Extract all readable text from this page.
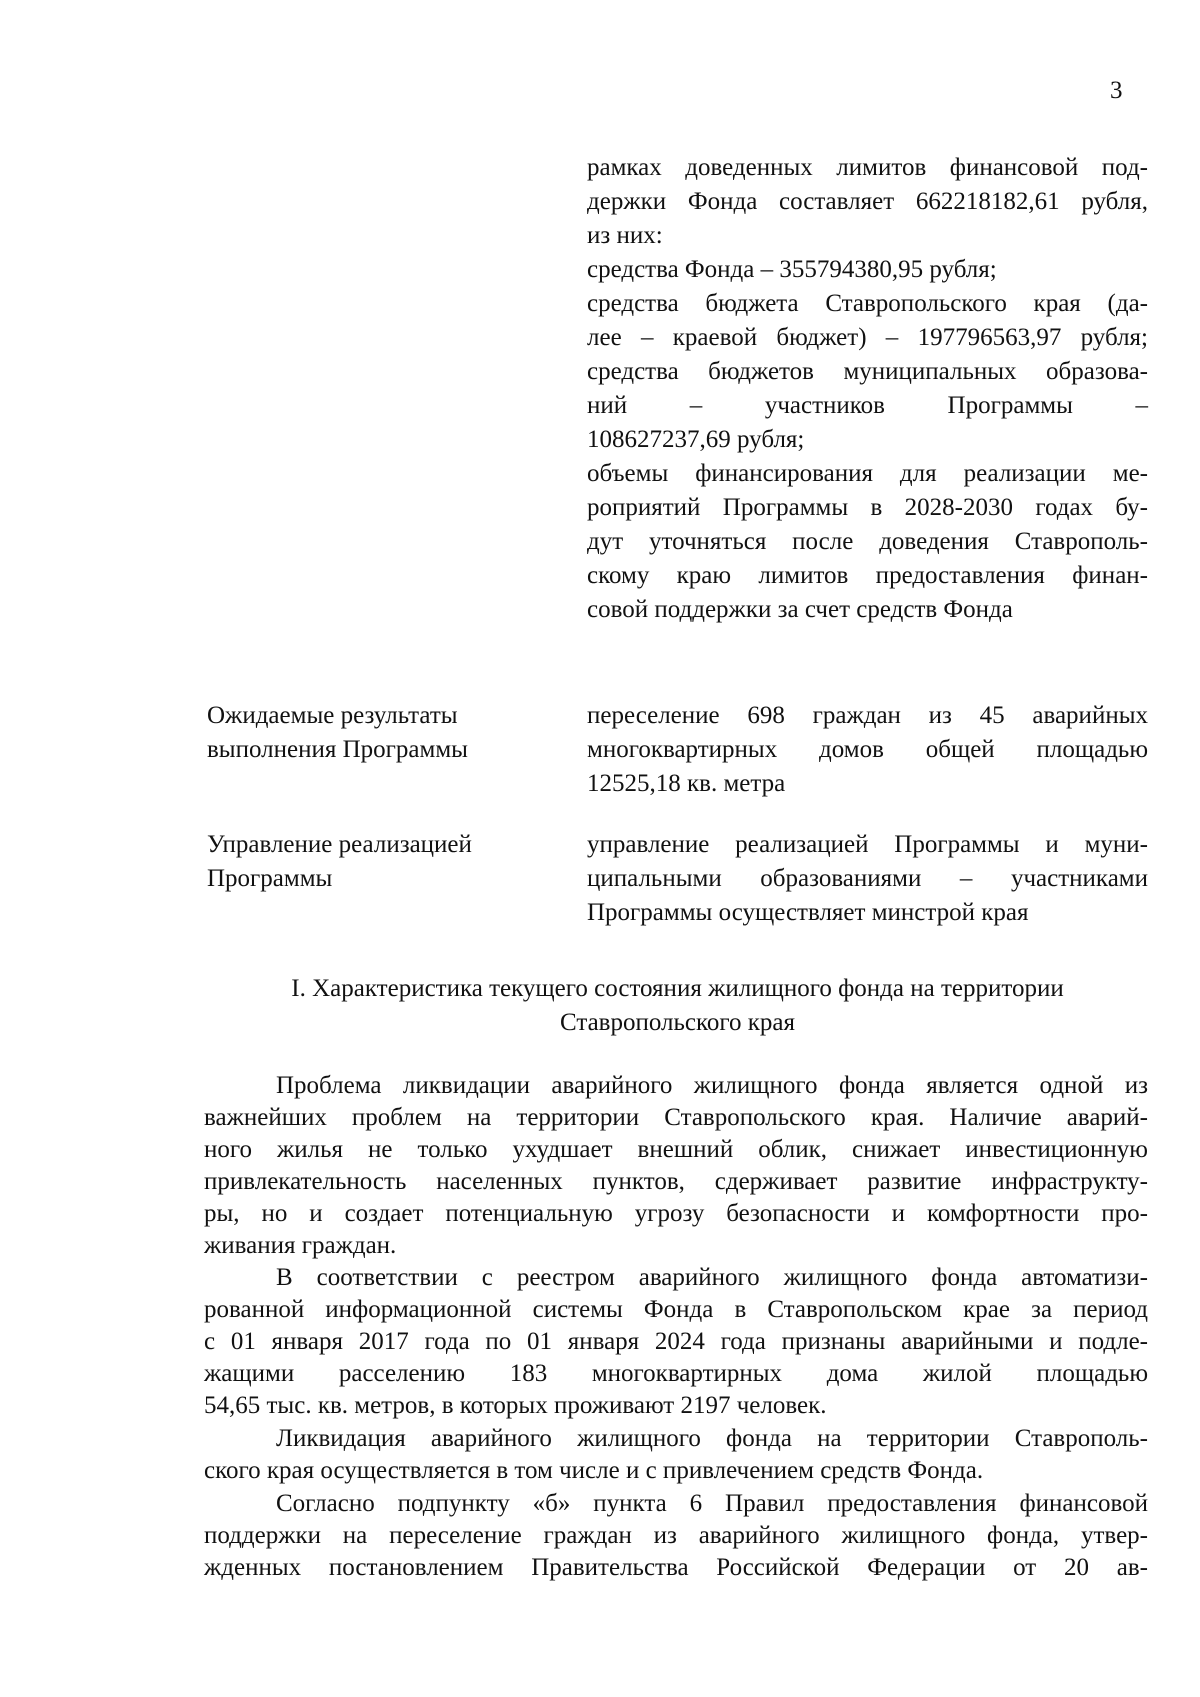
3
рамках доведенных лимитов финансовой под-
держки Фонда составляет 662218182,61 рубля,
из них:
средства Фонда – 355794380,95 рубля;
средства бюджета Ставропольского края (да-
лее – краевой бюджет) – 197796563,97 рубля;
средства бюджетов муниципальных образова-
ний – участников Программы –
108627237,69 рубля;
объемы финансирования для реализации ме-
роприятий Программы в 2028-2030 годах бу-
дут уточняться после доведения Ставрополь-
скому краю лимитов предоставления финан-
совой поддержки за счет средств Фонда
Ожидаемые результаты
выполнения Программы
переселение 698 граждан из 45 аварийных
многоквартирных домов общей площадью
12525,18 кв. метра
Управление реализацией
Программы
управление реализацией Программы и муни-
ципальными образованиями – участниками
Программы осуществляет минстрой края
I. Характеристика текущего состояния жилищного фонда на территории
Ставропольского края
Проблема ликвидации аварийного жилищного фонда является одной из
важнейших проблем на территории Ставропольского края. Наличие аварий-
ного жилья не только ухудшает внешний облик, снижает инвестиционную
привлекательность населенных пунктов, сдерживает развитие инфраструкту-
ры, но и создает потенциальную угрозу безопасности и комфортности про-
живания граждан.
В соответствии с реестром аварийного жилищного фонда автоматизи-
рованной информационной системы Фонда в Ставропольском крае за период
с 01 января 2017 года по 01 января 2024 года признаны аварийными и подле-
жащими расселению 183 многоквартирных дома жилой площадью
54,65 тыс. кв. метров, в которых проживают 2197 человек.
Ликвидация аварийного жилищного фонда на территории Ставрополь-
ского края осуществляется в том числе и с привлечением средств Фонда.
Согласно подпункту «б» пункта 6 Правил предоставления финансовой
поддержки на переселение граждан из аварийного жилищного фонда, утвер-
жденных постановлением Правительства Российской Федерации от 20 ав-
